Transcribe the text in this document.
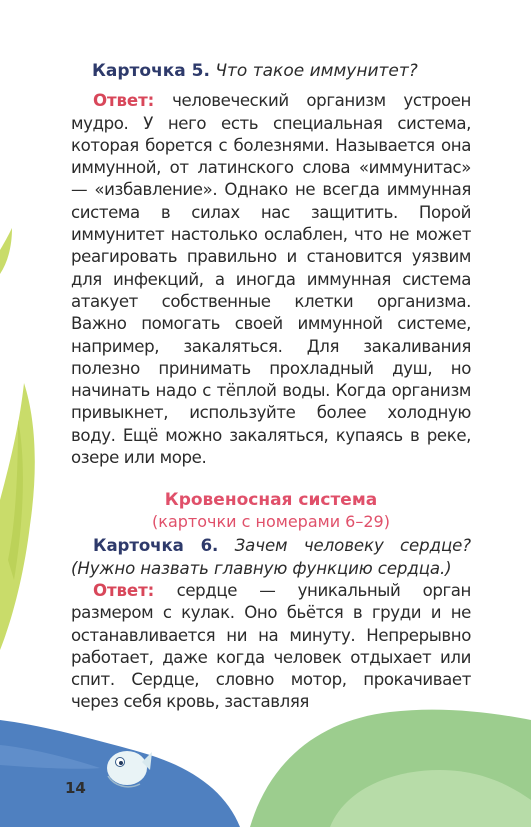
Карточка 5. Что такое иммунитет?

Ответ: человеческий организм устроен мудро. У него есть специальная система, которая борется с болезнями. Называется она иммунной, от латинского слова «иммунитас» — «избавление». Однако не всегда иммунная система в силах нас защитить. Порой иммунитет настолько ослаблен, что не может реагировать правильно и становится уязвим для инфекций, а иногда иммунная система атакует собственные клетки организма. Важно помогать своей иммунной системе, например, закаляться. Для закаливания полезно принимать прохладный душ, но начинать надо с тёплой воды. Когда организм привыкнет, используйте более холодную воду. Ещё можно закаляться, купаясь в реке, озере или море.

Кровеносная система
(карточки с номерами 6–29)

Карточка 6. Зачем человеку сердце? (Нужно назвать главную функцию сердца.)

Ответ: сердце — уникальный орган размером с кулак. Оно бьётся в груди и не останавливается ни на минуту. Непрерывно работает, даже когда человек отдыхает или спит. Сердце, словно мотор, прокачивает через себя кровь, заставляя

14
